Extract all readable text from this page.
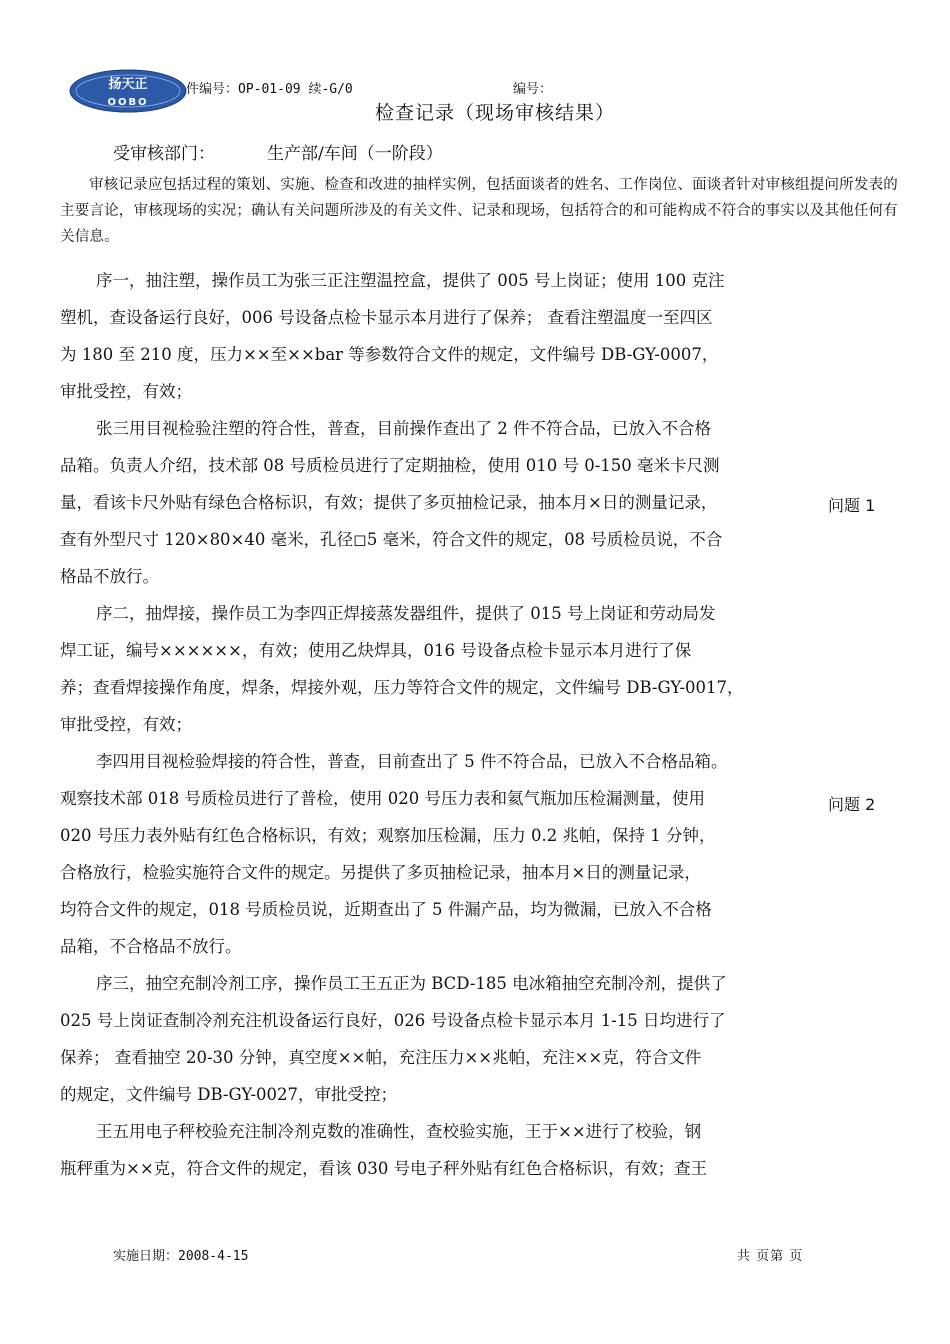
扬天正
OOBO
件编号：OP-01-09 续-G/0	编号：
检查记录（现场审核结果）
受审核部门：	生产部/车间（一阶段）
审核记录应包括过程的策划、实施、检查和改进的抽样实例，包括面谈者的姓名、工作岗位、面谈者针对审核组提问所发表的主要言论，审核现场的实况；确认有关问题所涉及的有关文件、记录和现场，包括符合的和可能构成不符合的事实以及其他任何有关信息。
序一，抽注塑，操作员工为张三正注塑温控盒，提供了 005 号上岗证；使用 100 克注
塑机，查设备运行良好，006 号设备点检卡显示本月进行了保养； 查看注塑温度一至四区
为 180 至 210 度，压力××至××bar 等参数符合文件的规定，文件编号 DB-GY-0007，
审批受控，有效；
张三用目视检验注塑的符合性，普查，目前操作查出了 2 件不符合品，已放入不合格
品箱。负责人介绍，技术部 08 号质检员进行了定期抽检，使用 010 号 0-150 毫米卡尺测
量，看该卡尺外贴有绿色合格标识，有效；提供了多页抽检记录，抽本月×日的测量记录，
查有外型尺寸 120×80×40 毫米，孔径◻5 毫米，符合文件的规定，08 号质检员说，不合
格品不放行。
序二，抽焊接，操作员工为李四正焊接蒸发器组件，提供了 015 号上岗证和劳动局发
焊工证，编号××××××，有效；使用乙炔焊具，016 号设备点检卡显示本月进行了保
养；查看焊接操作角度，焊条，焊接外观，压力等符合文件的规定，文件编号 DB-GY-0017，
审批受控，有效；
李四用目视检验焊接的符合性，普查，目前查出了 5 件不符合品，已放入不合格品箱。
观察技术部 018 号质检员进行了普检，使用 020 号压力表和氦气瓶加压检漏测量，使用
020 号压力表外贴有红色合格标识，有效；观察加压检漏，压力 0.2 兆帕，保持 1 分钟，
合格放行，检验实施符合文件的规定。另提供了多页抽检记录，抽本月×日的测量记录，
均符合文件的规定，018 号质检员说，近期查出了 5 件漏产品，均为微漏，已放入不合格
品箱，不合格品不放行。
序三，抽空充制冷剂工序，操作员工王五正为 BCD-185 电冰箱抽空充制冷剂，提供了
025 号上岗证查制冷剂充注机设备运行良好，026 号设备点检卡显示本月 1-15 日均进行了
保养； 查看抽空 20-30 分钟，真空度××帕，充注压力××兆帕，充注××克，符合文件
的规定，文件编号 DB-GY-0027，审批受控；
王五用电子秤校验充注制冷剂克数的准确性，查校验实施，王于××进行了校验，钢
瓶秤重为××克，符合文件的规定，看该 030 号电子秤外贴有红色合格标识，有效；查王
问题 1
问题 2
实施日期：2008-4-15	共 页第 页
